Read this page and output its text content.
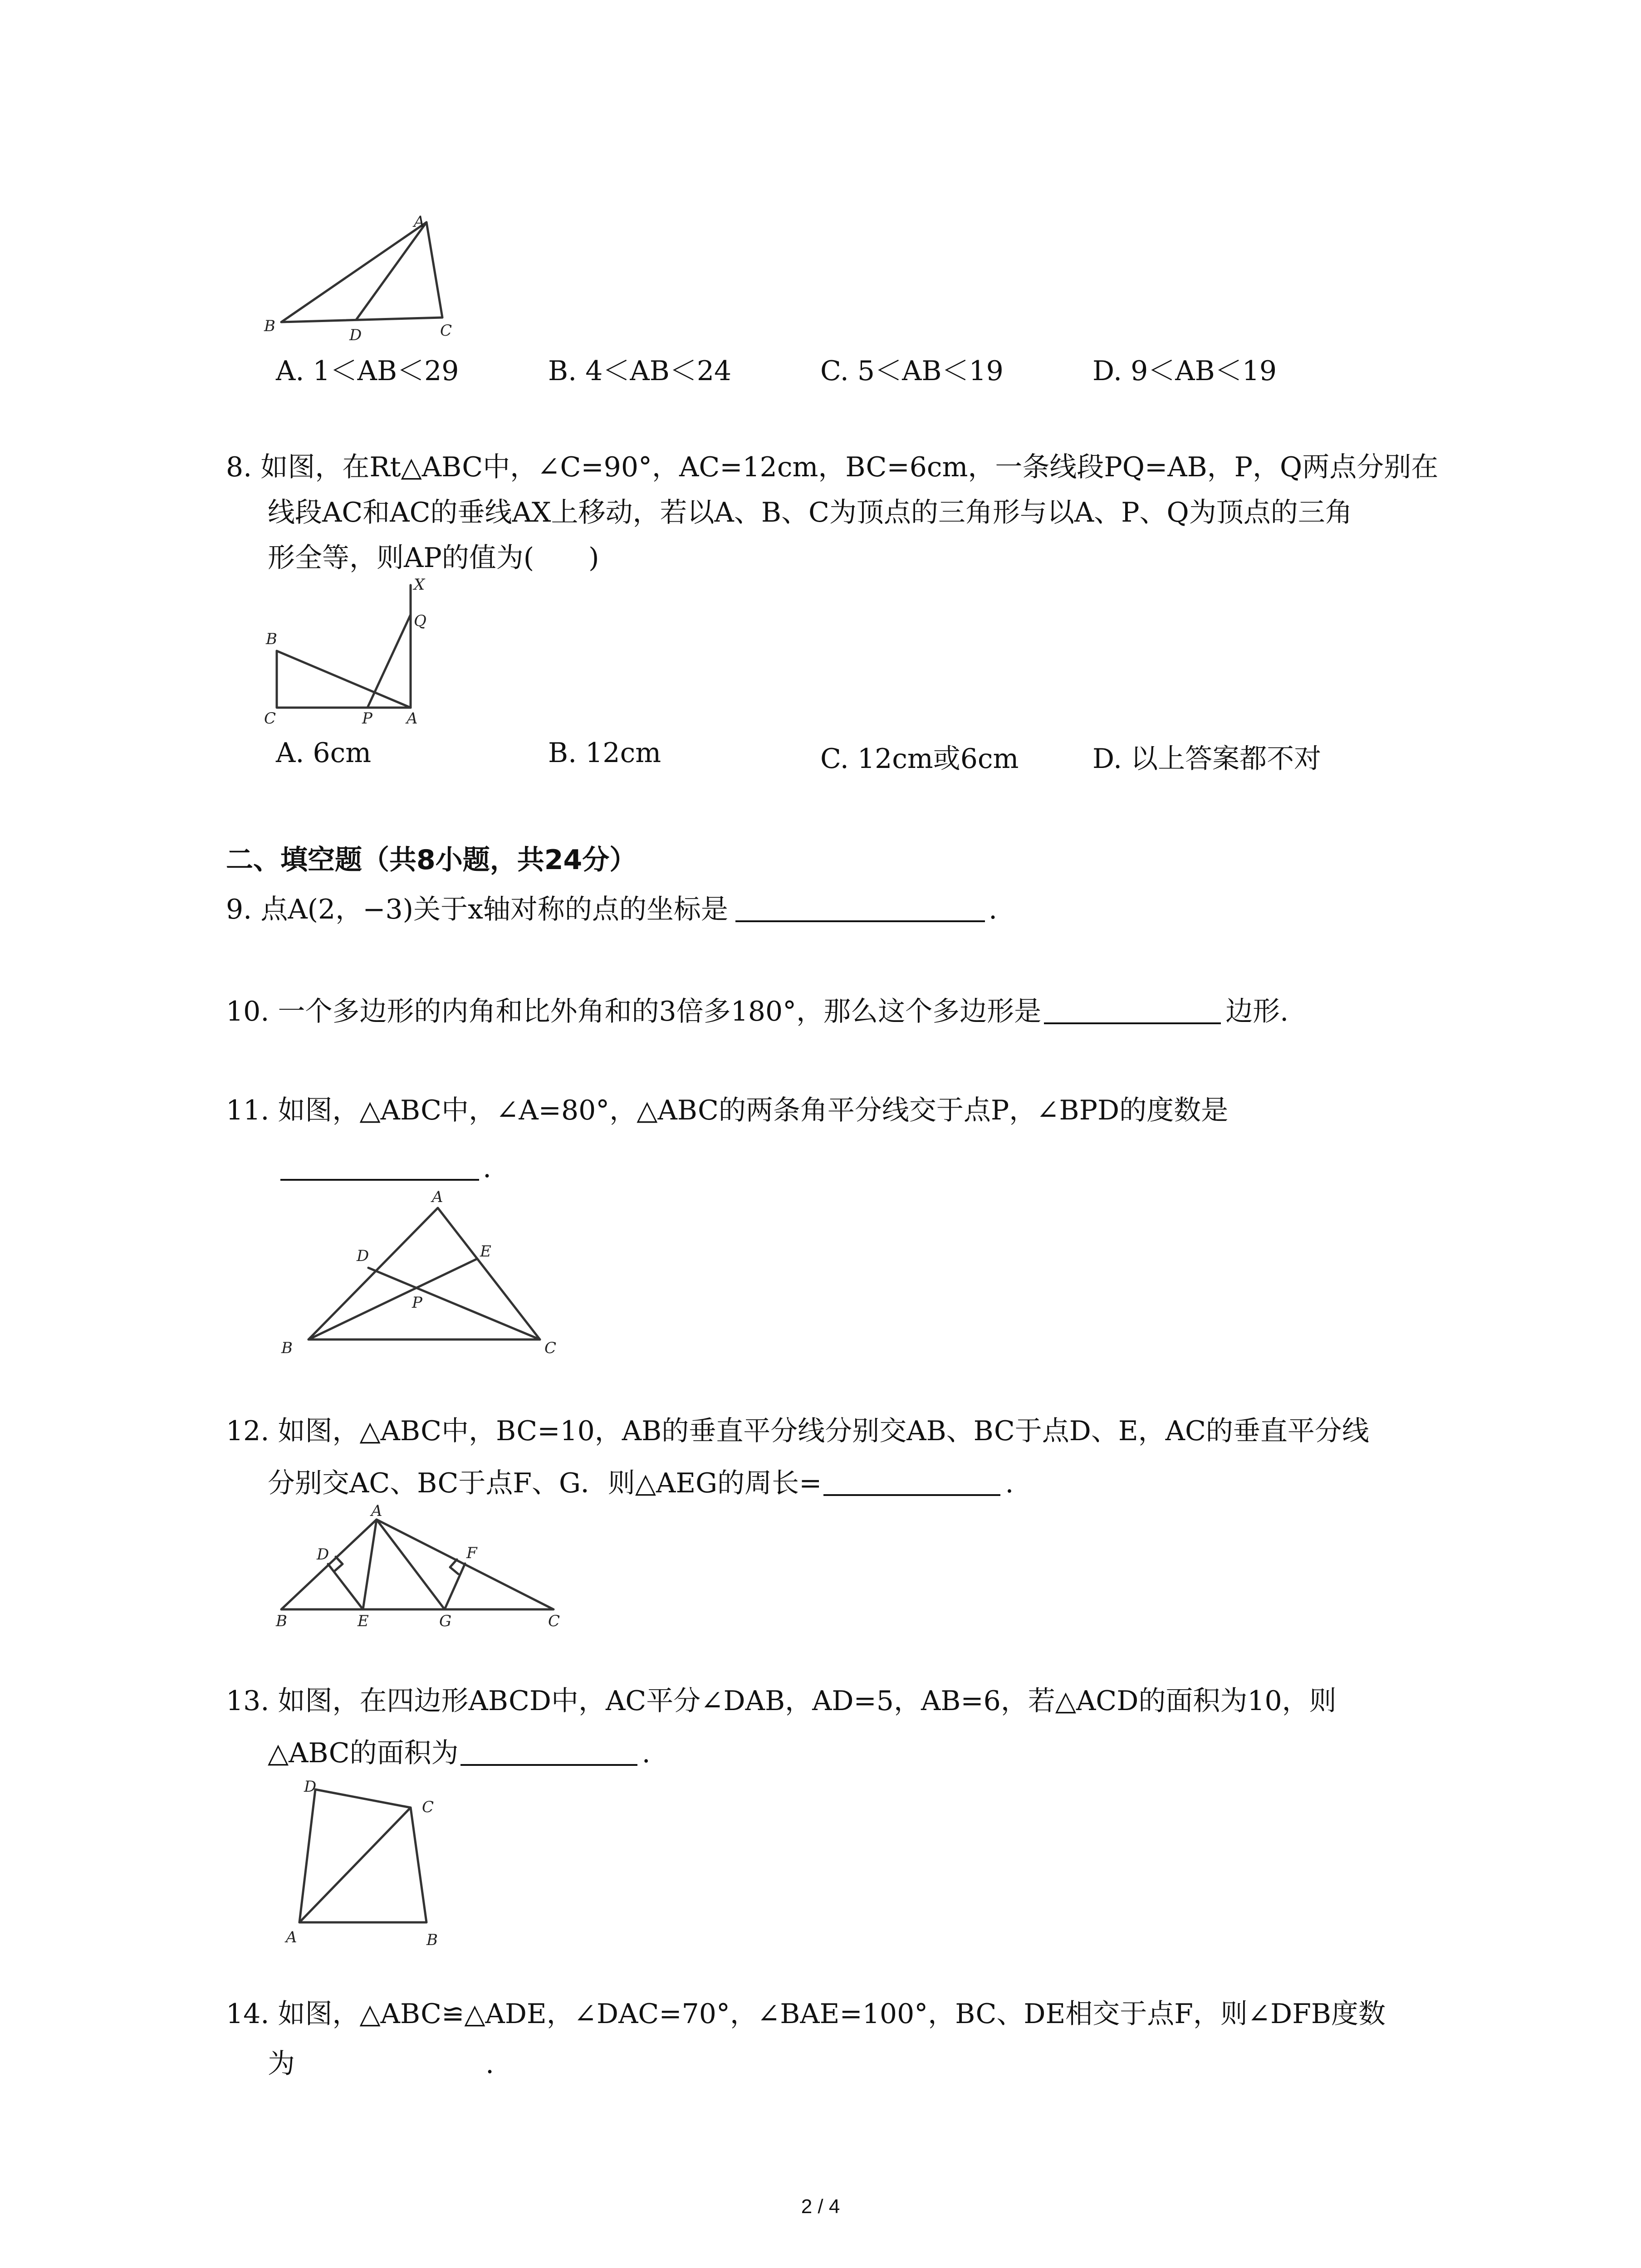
A
B	D	C
A. 1＜AB＜29	B. 4＜AB＜24	C. 5＜AB＜19	D. 9＜AB＜19
8. 如图，在Rt△ABC中，∠C=90°，AC=12cm，BC=6cm，一条线段PQ=AB，P，Q两点分别在
线段AC和AC的垂线AX上移动，若以A、B、C为顶点的三角形与以A、P、Q为顶点的三角
形全等，则AP的值为(　　)
X
Q
B
C	P A
A. 6cm	B. 12cm	C. 12cm或6cm	D. 以上答案都不对
二、填空题（共8小题，共24分）
9. 点A(2，−3)关于x轴对称的点的坐标是	.
10. 一个多边形的内角和比外角和的3倍多180°，那么这个多边形是	边形.
11. 如图，△ABC中，∠A=80°，△ABC的两条角平分线交于点P，∠BPD的度数是
.
A
D	E
P
B	C
12. 如图，△ABC中，BC=10，AB的垂直平分线分别交AB、BC于点D、E，AC的垂直平分线
分别交AC、BC于点F、G．则△AEG的周长=	.
A
D	F
B	E	G	C
13. 如图，在四边形ABCD中，AC平分∠DAB，AD=5，AB=6，若△ACD的面积为10，则
△ABC的面积为	.
D
C
A	B
14. 如图，△ABC≌△ADE，∠DAC=70°，∠BAE=100°，BC、DE相交于点F，则∠DFB度数
为	.
2 / 4
